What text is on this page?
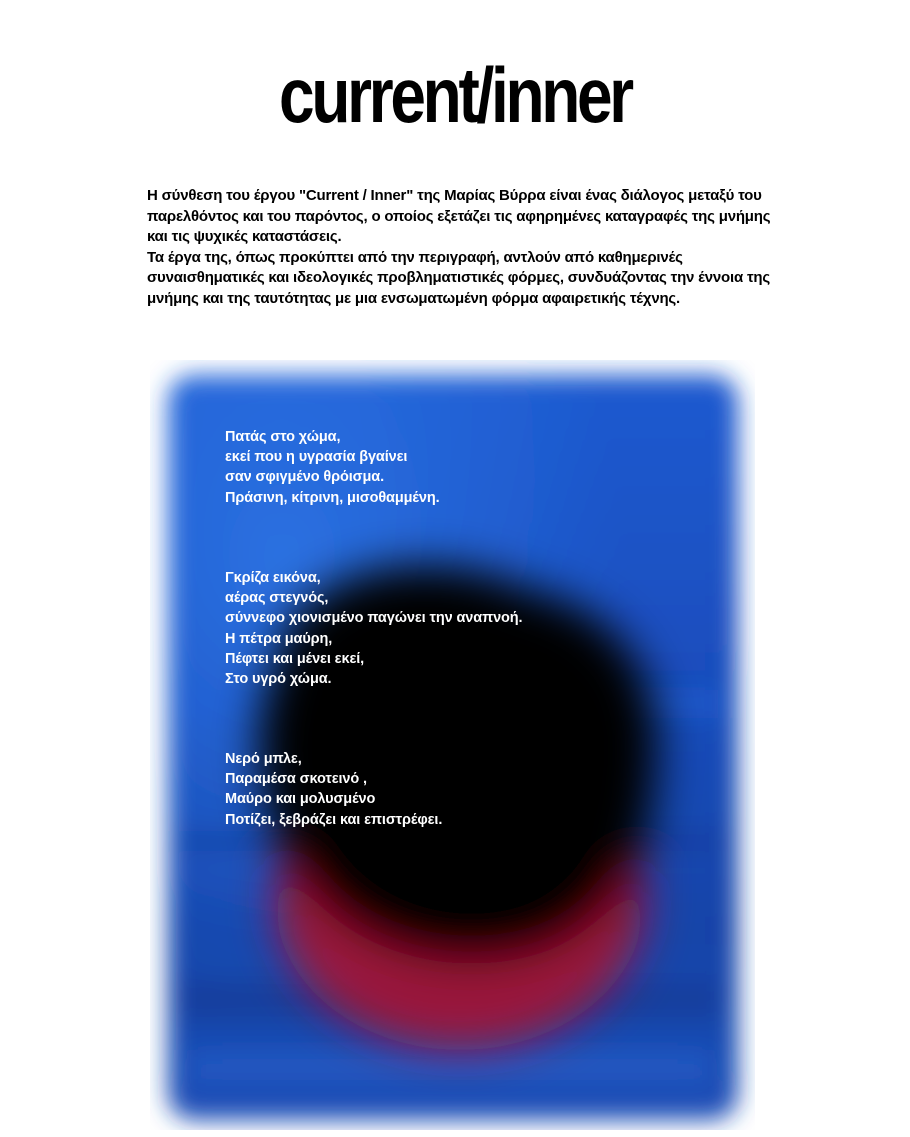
current/inner

Η σύνθεση του έργου "Current / Inner" της Μαρίας Βύρρα είναι ένας διάλογος μεταξύ του παρελθόντος και του παρόντος, ο οποίος εξετάζει τις αφηρημένες καταγραφές της μνήμης και τις ψυχικές καταστάσεις.

Τα έργα της, όπως προκύπτει από την περιγραφή, αντλούν από καθημερινές συναισθηματικές και ιδεολογικές προβληματιστικές φόρμες, συνδυάζοντας την έννοια της μνήμης και της ταυτότητας με μια ενσωματωμένη φόρμα αφαιρετικής τέχνης.

Πατάς στο χώμα,
εκεί που η υγρασία βγαίνει
σαν σφιγμένο θρόισμα.
Πράσινη, κίτρινη, μισοθαμμένη.
Γκρίζα εικόνα,
αέρας στεγνός,
σύννεφο χιονισμένο παγώνει την αναπνοή.
Η πέτρα μαύρη,
Πέφτει και μένει εκεί,
Στο υγρό χώμα.
Νερό μπλε,
Παραμέσα σκοτεινό ,
Μαύρο και μολυσμένο
Ποτίζει, ξεβράζει και επιστρέφει.
